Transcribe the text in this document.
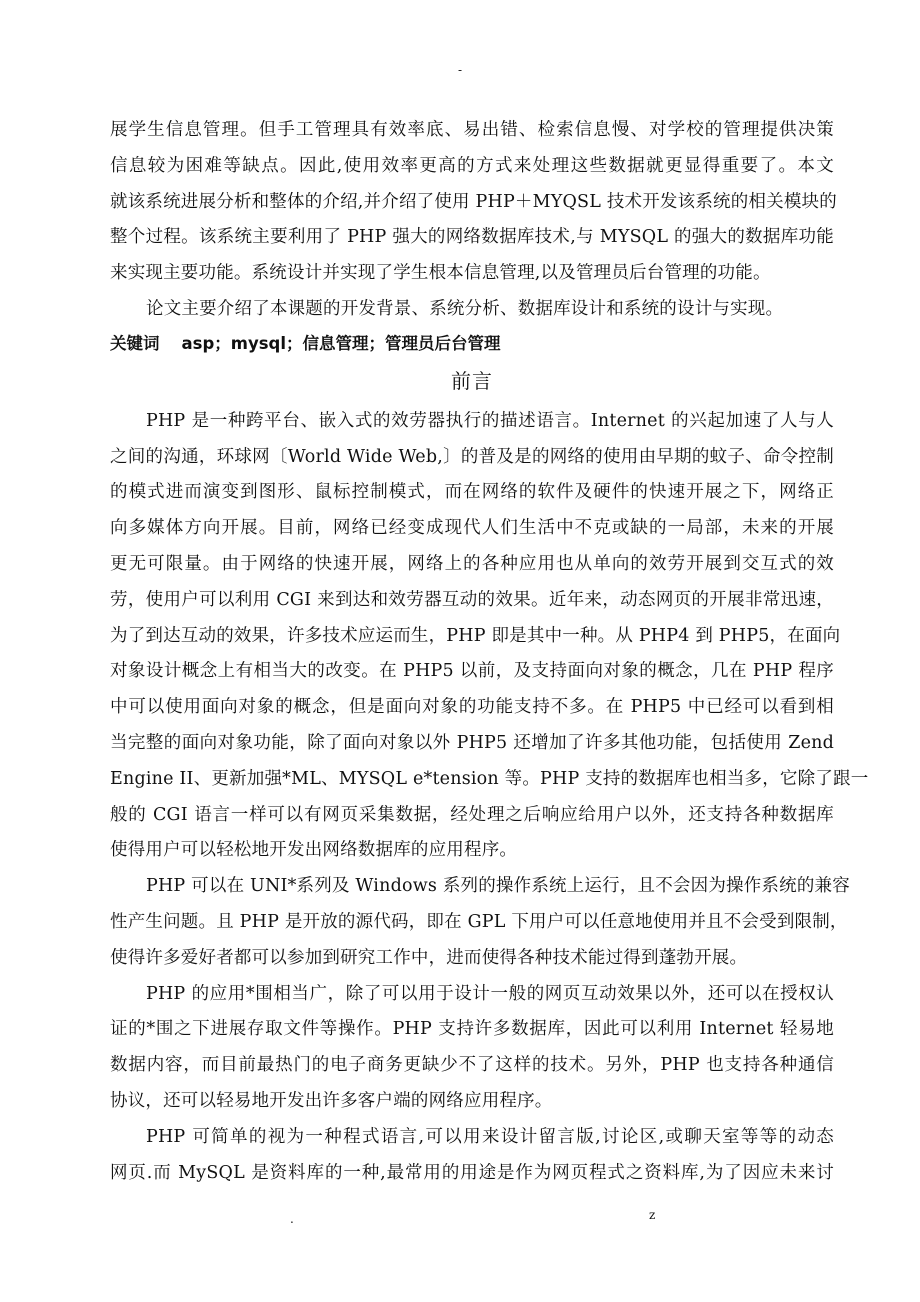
-
展学生信息管理。但手工管理具有效率底、易出错、检索信息慢、对学校的管理提供决策
信息较为困难等缺点。因此,使用效率更高的方式来处理这些数据就更显得重要了。本文
就该系统进展分析和整体的介绍,并介绍了使用 PHP＋MYQSL 技术开发该系统的相关模块的
整个过程。该系统主要利用了 PHP 强大的网络数据库技术,与 MYSQL 的强大的数据库功能
来实现主要功能。系统设计并实现了学生根本信息管理,以及管理员后台管理的功能。
论文主要介绍了本课题的开发背景、系统分析、数据库设计和系统的设计与实现。
关键词 asp；mysql；信息管理；管理员后台管理
前言
PHP 是一种跨平台、嵌入式的效劳器执行的描述语言。Internet 的兴起加速了人与人
之间的沟通，环球网〔World Wide Web,〕的普及是的网络的使用由早期的蚊子、命令控制
的模式进而演变到图形、鼠标控制模式，而在网络的软件及硬件的快速开展之下，网络正
向多媒体方向开展。目前，网络已经变成现代人们生活中不克或缺的一局部，未来的开展
更无可限量。由于网络的快速开展，网络上的各种应用也从单向的效劳开展到交互式的效
劳，使用户可以利用 CGI 来到达和效劳器互动的效果。近年来，动态网页的开展非常迅速，
为了到达互动的效果，许多技术应运而生，PHP 即是其中一种。从 PHP4 到 PHP5，在面向
对象设计概念上有相当大的改变。在 PHP5 以前，及支持面向对象的概念，几在 PHP 程序
中可以使用面向对象的概念，但是面向对象的功能支持不多。在 PHP5 中已经可以看到相
当完整的面向对象功能，除了面向对象以外 PHP5 还增加了许多其他功能，包括使用 Zend
Engine II、更新加强*ML、MYSQL e*tension 等。PHP 支持的数据库也相当多，它除了跟一
般的 CGI 语言一样可以有网页采集数据，经处理之后响应给用户以外，还支持各种数据库
使得用户可以轻松地开发出网络数据库的应用程序。
PHP 可以在 UNI*系列及 Windows 系列的操作系统上运行，且不会因为操作系统的兼容
性产生问题。且 PHP 是开放的源代码，即在 GPL 下用户可以任意地使用并且不会受到限制，
使得许多爱好者都可以参加到研究工作中，进而使得各种技术能过得到蓬勃开展。
PHP 的应用*围相当广，除了可以用于设计一般的网页互动效果以外，还可以在授权认
证的*围之下进展存取文件等操作。PHP 支持许多数据库，因此可以利用 Internet 轻易地
数据内容，而目前最热门的电子商务更缺少不了这样的技术。另外，PHP 也支持各种通信
协议，还可以轻易地开发出许多客户端的网络应用程序。
PHP 可简单的视为一种程式语言,可以用来设计留言版,讨论区,或聊天室等等的动态
网页.而 MySQL 是资料库的一种,最常用的用途是作为网页程式之资料库,为了因应未来讨
.	z
